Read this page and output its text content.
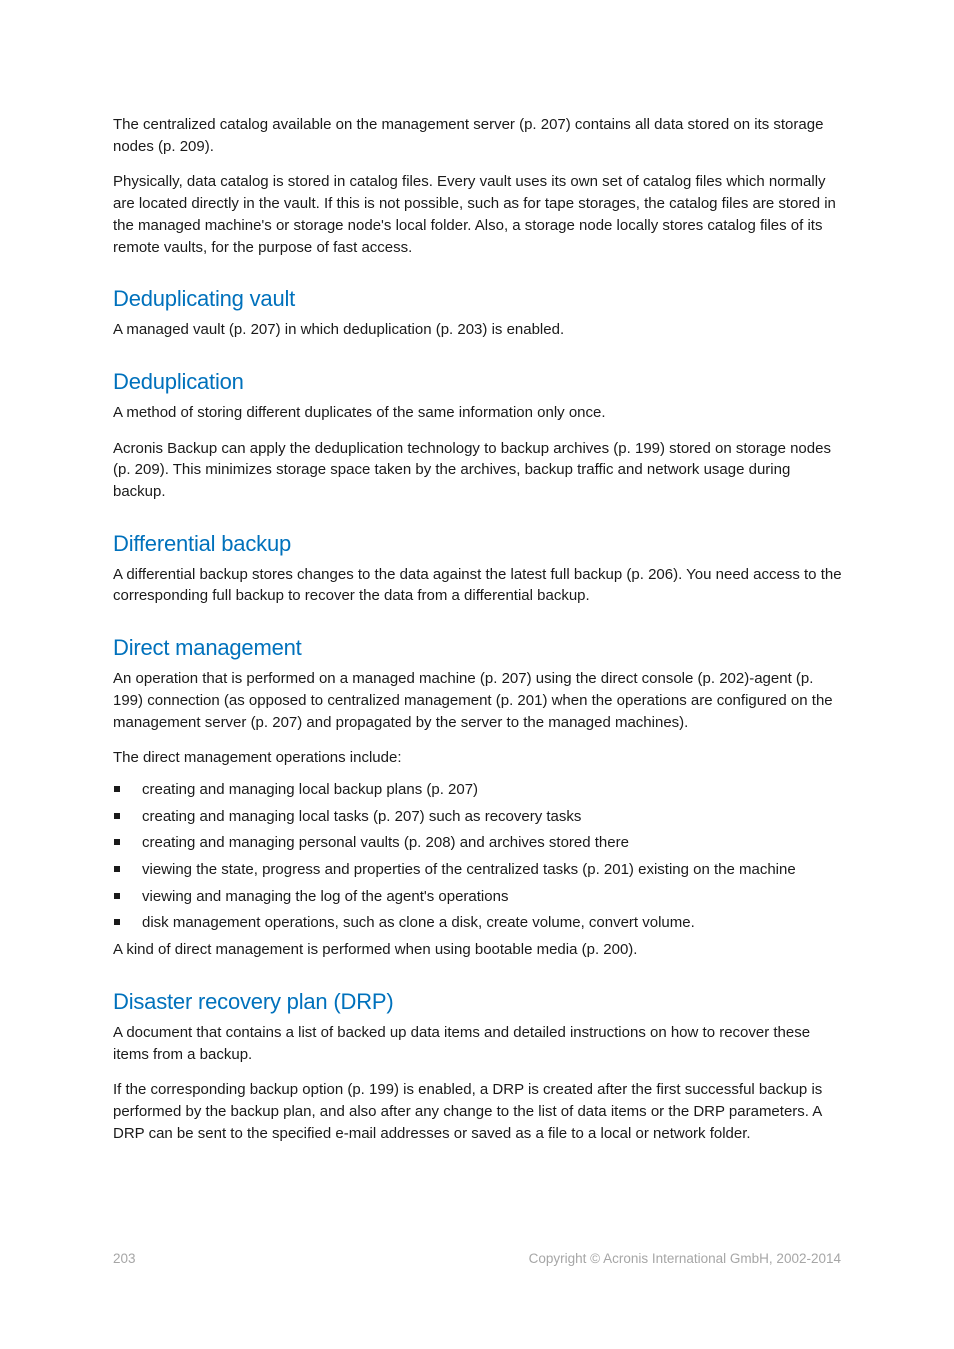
The centralized catalog available on the management server (p. 207) contains all data stored on its storage nodes (p. 209).

Physically, data catalog is stored in catalog files. Every vault uses its own set of catalog files which normally are located directly in the vault. If this is not possible, such as for tape storages, the catalog files are stored in the managed machine's or storage node's local folder. Also, a storage node locally stores catalog files of its remote vaults, for the purpose of fast access.

Deduplicating vault

A managed vault (p. 207) in which deduplication (p. 203) is enabled.

Deduplication

A method of storing different duplicates of the same information only once.

Acronis Backup can apply the deduplication technology to backup archives (p. 199) stored on storage nodes (p. 209). This minimizes storage space taken by the archives, backup traffic and network usage during backup.

Differential backup

A differential backup stores changes to the data against the latest full backup (p. 206). You need access to the corresponding full backup to recover the data from a differential backup.

Direct management

An operation that is performed on a managed machine (p. 207) using the direct console (p. 202)-agent (p. 199) connection (as opposed to centralized management (p. 201) when the operations are configured on the management server (p. 207) and propagated by the server to the managed machines).

The direct management operations include:

creating and managing local backup plans (p. 207)
creating and managing local tasks (p. 207) such as recovery tasks
creating and managing personal vaults (p. 208) and archives stored there
viewing the state, progress and properties of the centralized tasks (p. 201) existing on the machine
viewing and managing the log of the agent's operations
disk management operations, such as clone a disk, create volume, convert volume.

A kind of direct management is performed when using bootable media (p. 200).

Disaster recovery plan (DRP)

A document that contains a list of backed up data items and detailed instructions on how to recover these items from a backup.

If the corresponding backup option (p. 199) is enabled, a DRP is created after the first successful backup is performed by the backup plan, and also after any change to the list of data items or the DRP parameters. A DRP can be sent to the specified e-mail addresses or saved as a file to a local or network folder.

203	Copyright © Acronis International GmbH, 2002-2014
